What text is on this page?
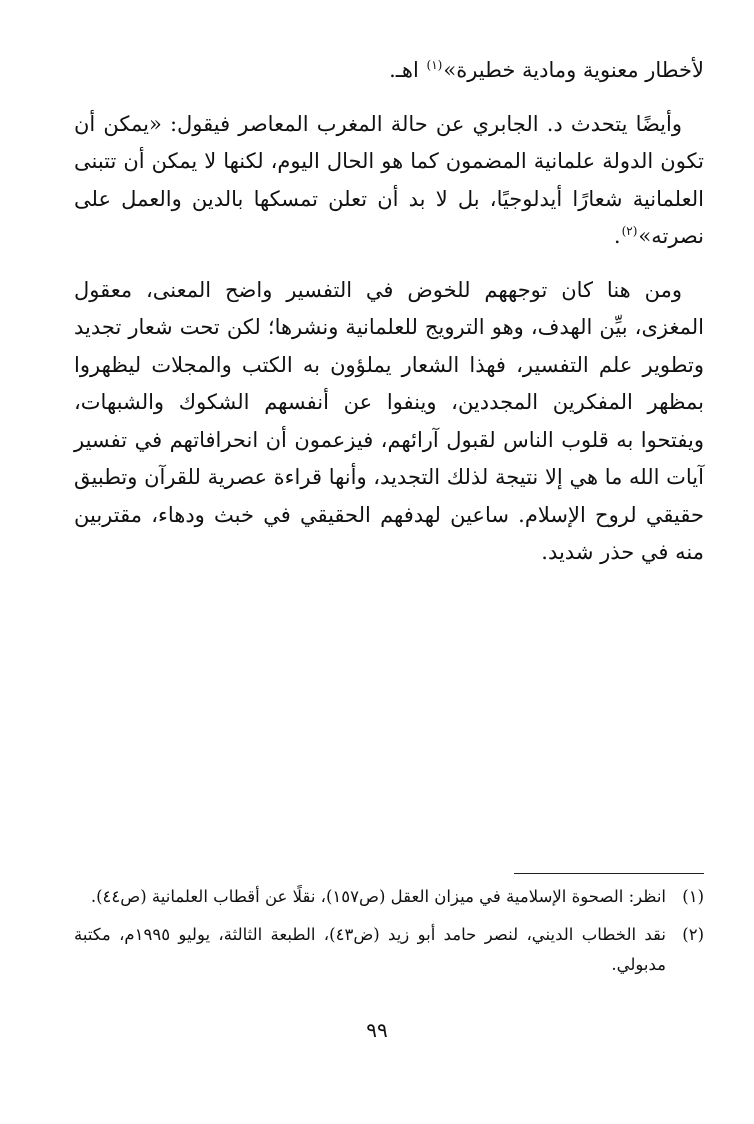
لأخطار معنوية ومادية خطيرة»$^{(١)}$ اهـ.

وأيضًا يتحدث د. الجابري عن حالة المغرب المعاصر فيقول: «يمكن أن تكون الدولة علمانية المضمون كما هو الحال اليوم، لكنها لا يمكن أن تتبنى العلمانية شعارًا أيدلوجيًا، بل لا بد أن تعلن تمسكها بالدين والعمل على نصرته»$^{(٢)}$.

ومن هنا كان توجههم للخوض في التفسير واضح المعنى، معقول المغزى، بيِّن الهدف، وهو الترويج للعلمانية ونشرها؛ لكن تحت شعار تجديد وتطوير علم التفسير، فهذا الشعار يملؤون به الكتب والمجلات ليظهروا بمظهر المفكرين المجددين، وينفوا عن أنفسهم الشكوك والشبهات، ويفتحوا به قلوب الناس لقبول آرائهم، فيزعمون أن انحرافاتهم في تفسير آيات الله ما هي إلا نتيجة لذلك التجديد، وأنها قراءة عصرية للقرآن وتطبيق حقيقي لروح الإسلام. ساعين لهدفهم الحقيقي في خبث ودهاء، مقتربين منه في حذر شديد.

(١)
انظر: الصحوة الإسلامية في ميزان العقل (ص١٥٧)، نقلًا عن أقطاب العلمانية (ص٤٤).
(٢)
نقد الخطاب الديني، لنصر حامد أبو زيد (ض٤٣)، الطبعة الثالثة، يوليو ١٩٩٥م، مكتبة مدبولي.
٩٩
